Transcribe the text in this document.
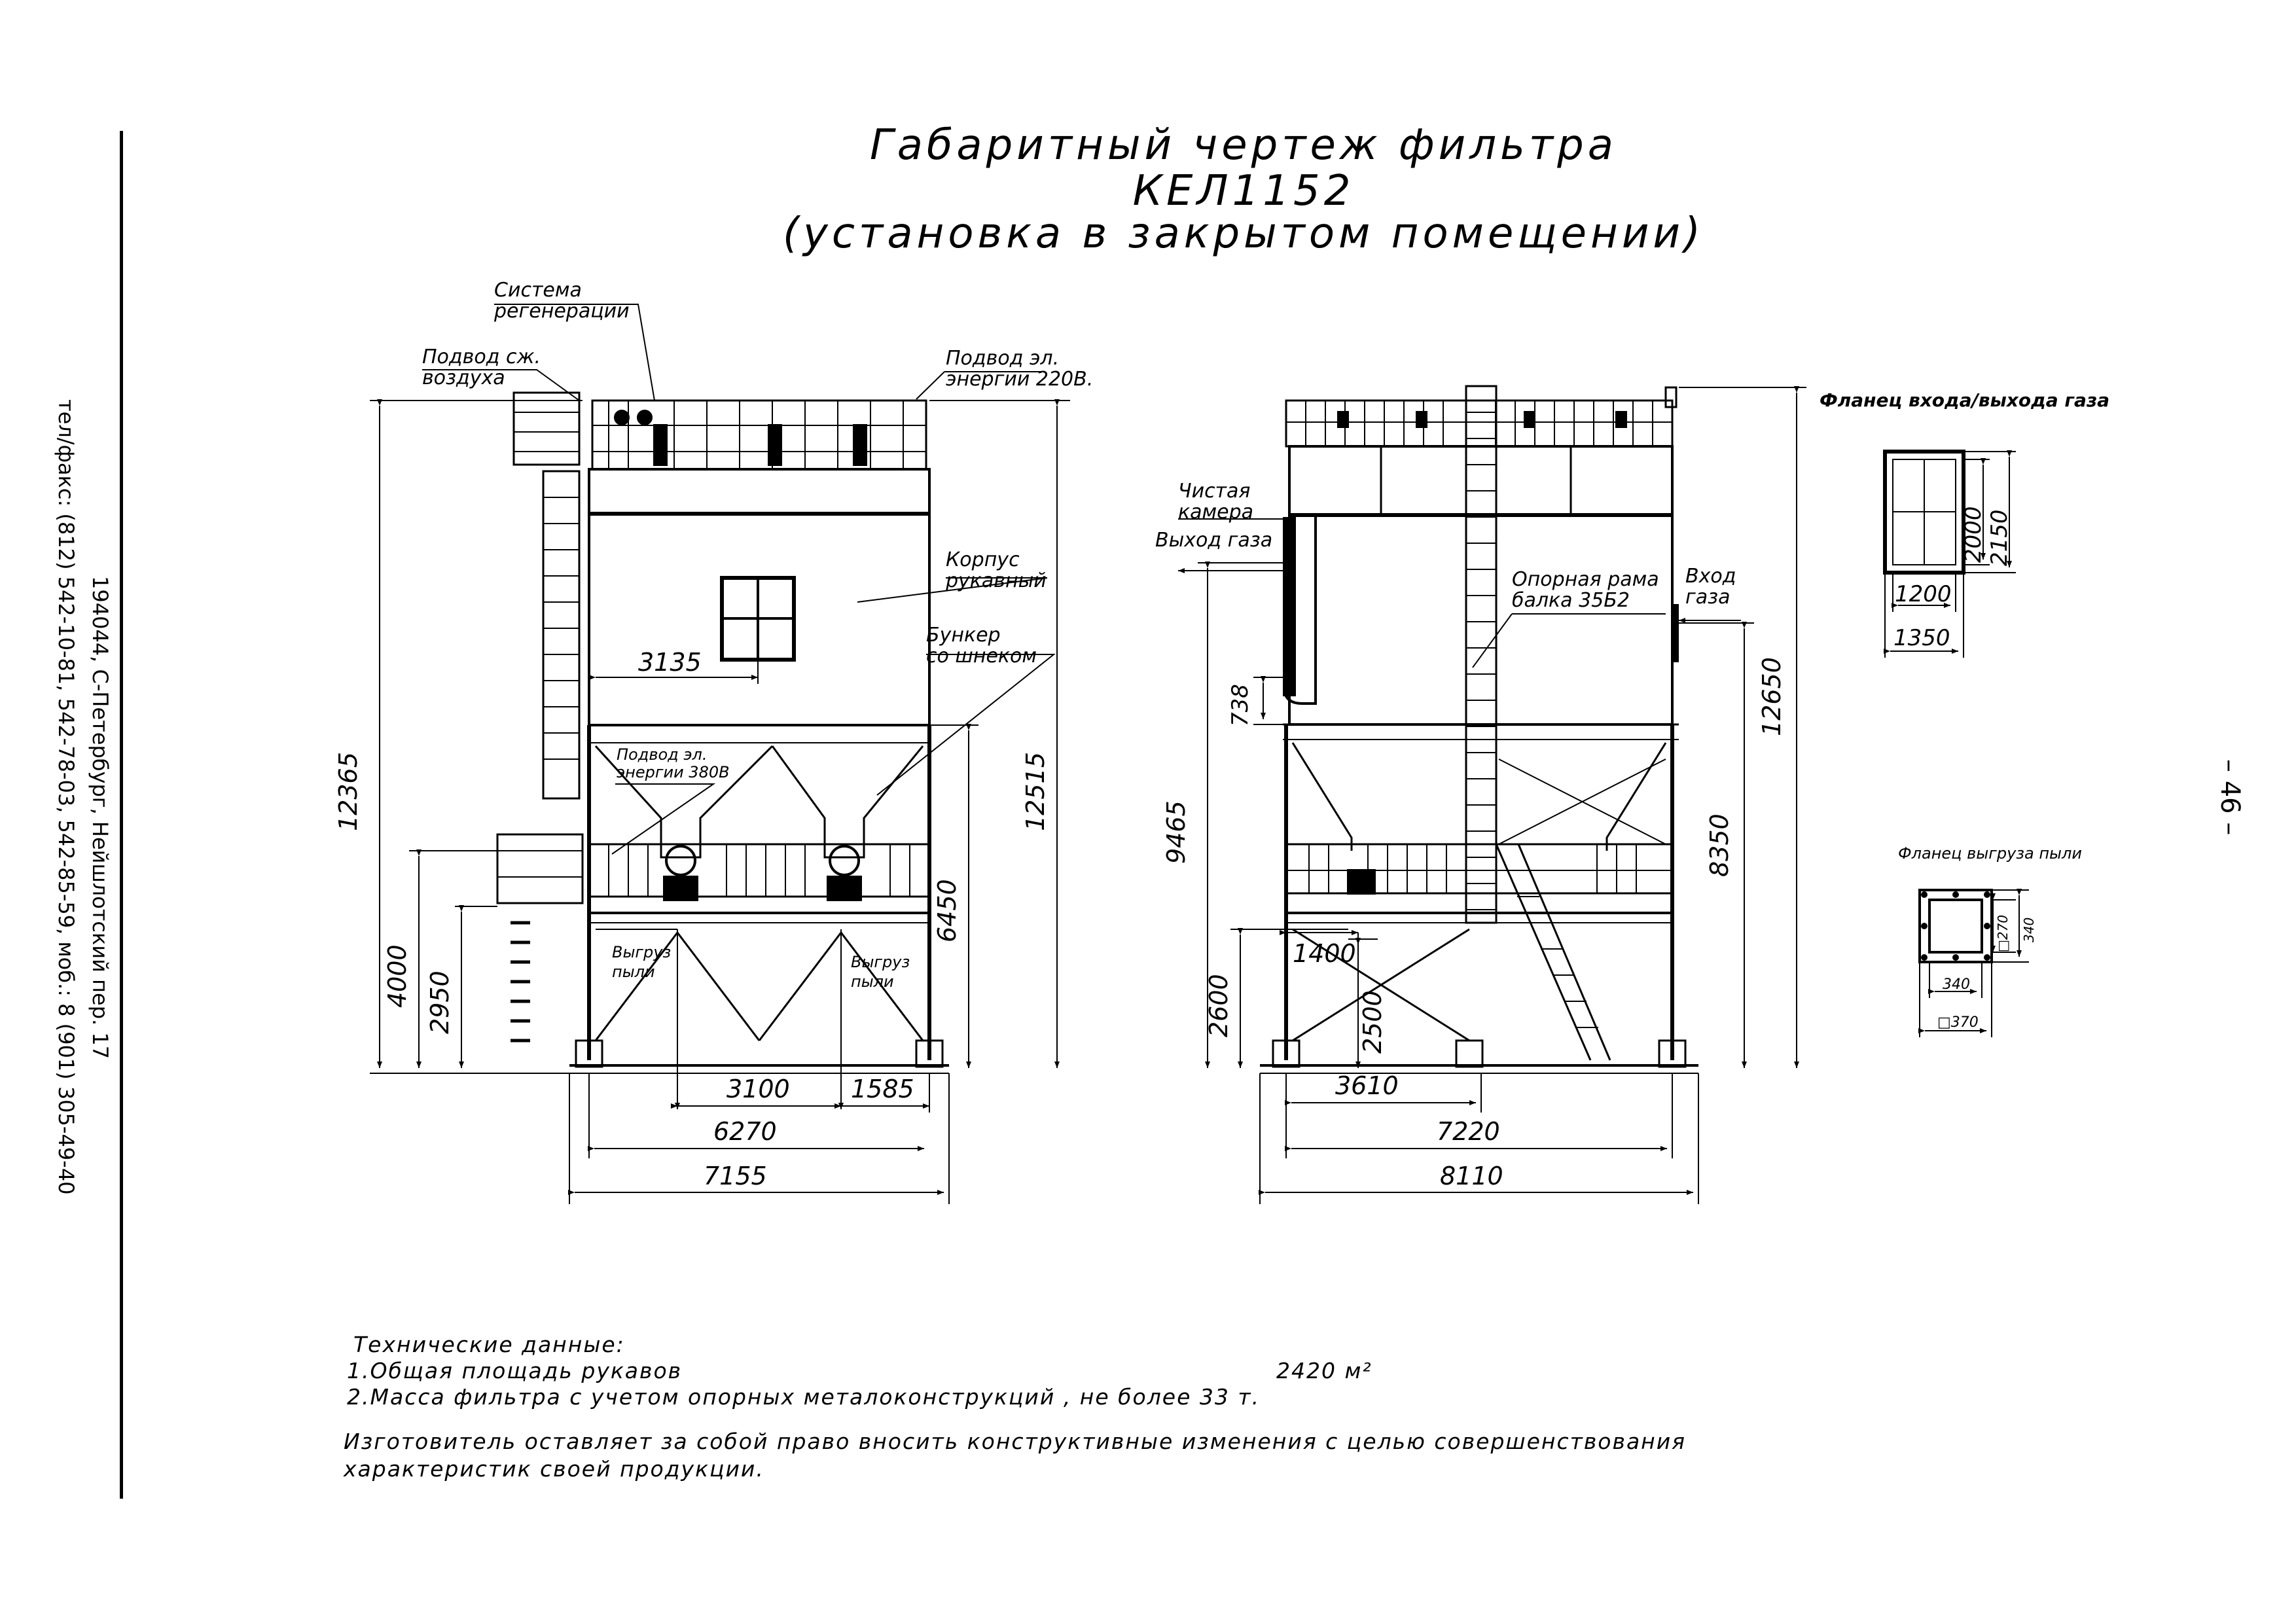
194044, С-Петербург, Нейшлотский пер. 17
тел/факс: (812) 542-10-81, 542-78-03, 542-85-59, моб.: 8 (901) 305-49-40	– 46 –
Габаритный чертеж фильтра
КЕЛ1152
(установка в закрытом помещении)
Система
регенерации
Подвод сж.
воздуха
Подвод эл.
энергии 220В.
Корпус
рукавный
Бункер
со шнеком
Подвод эл.
энергии 380В
Выгруз
пыли
Выгруз
пыли
3135
12365
4000 2950
12515
6450
3100 1585
6270
7155
Чистая
камера
Выход газа
Опорная рама
балка 35Б2
Вход
газа
738
9465
2600	2500
1400
8350
12650
3610
7220
8110
Фланец входа/выхода газа
2000 2150
1200
1350
Фланец выгруза пыли
□270 340
340
□370
Технические данные:
1.Общая площадь рукавов	2420 м²
2.Масса фильтра с учетом опорных металоконструкций , не более 33 т.
Изготовитель оставляет за собой право вносить конструктивные изменения с целью совершенствования
характеристик своей продукции.
